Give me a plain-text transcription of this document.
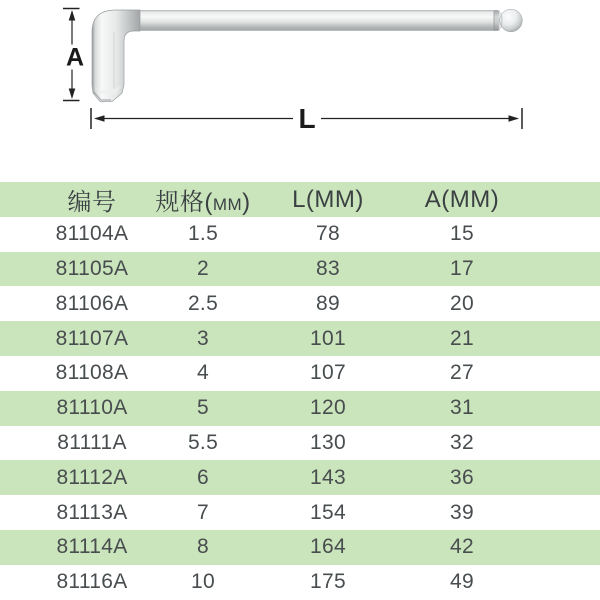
A
L
编号	规格(MM)	L(MM)	A(MM)
81104A	1.5	78	15
81105A	2	83	17
81106A	2.5	89	20
81107A	3	101	21
81108A	4	107	27
81110A	5	120	31
81111A	5.5	130	32
81112A	6	143	36
81113A	7	154	39
81114A	8	164	42
81116A	10	175	49
